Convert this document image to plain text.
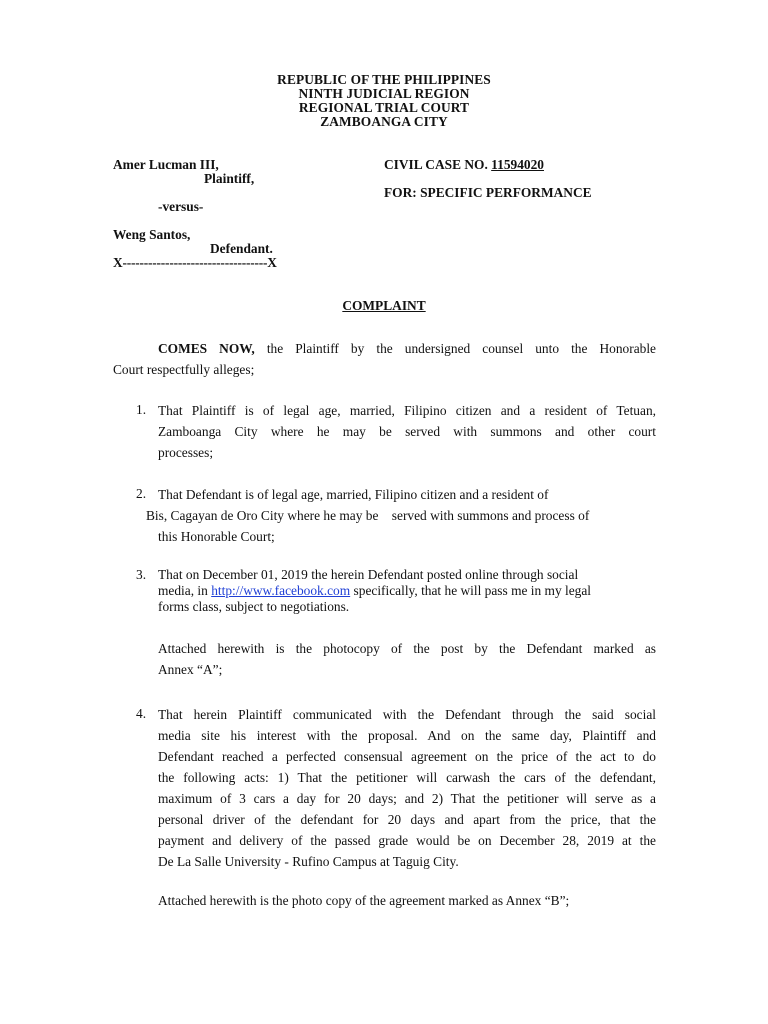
REPUBLIC OF THE PHILIPPINES
NINTH JUDICIAL REGION
REGIONAL TRIAL COURT
ZAMBOANGA CITY
Amer Lucman III,
Plaintiff,
-versus-
Weng Santos,
Defendant.
X----------------------------------X
CIVIL CASE NO. 11594020
FOR: SPECIFIC PERFORMANCE
COMPLAINT
COMES NOW, the Plaintiff by the undersigned counsel unto the Honorable
Court respectfully alleges;
1. That Plaintiff is of legal age, married, Filipino citizen and a resident of Tetuan,
Zamboanga City where he may be served with summons and other court
processes;
2. That Defendant is of legal age, married, Filipino citizen and a resident of
Bis, Cagayan de Oro City where he may be    served with summons and process of
this Honorable Court;
3. That on December 01, 2019 the herein Defendant posted online through social
media, in http://www.facebook.com specifically, that he will pass me in my legal
forms class, subject to negotiations.
Attached herewith is the photocopy of the post by the Defendant marked as
Annex “A”;
4. That herein Plaintiff communicated with the Defendant through the said social
media site his interest with the proposal. And on the same day, Plaintiff and
Defendant reached a perfected consensual agreement on the price of the act to do
the following acts: 1) That the petitioner will carwash the cars of the defendant,
maximum of 3 cars a day for 20 days; and 2) That the petitioner will serve as a
personal driver of the defendant for 20 days and apart from the price, that the
payment and delivery of the passed grade would be on December 28, 2019 at the
De La Salle University - Rufino Campus at Taguig City.
Attached herewith is the photo copy of the agreement marked as Annex “B”;
